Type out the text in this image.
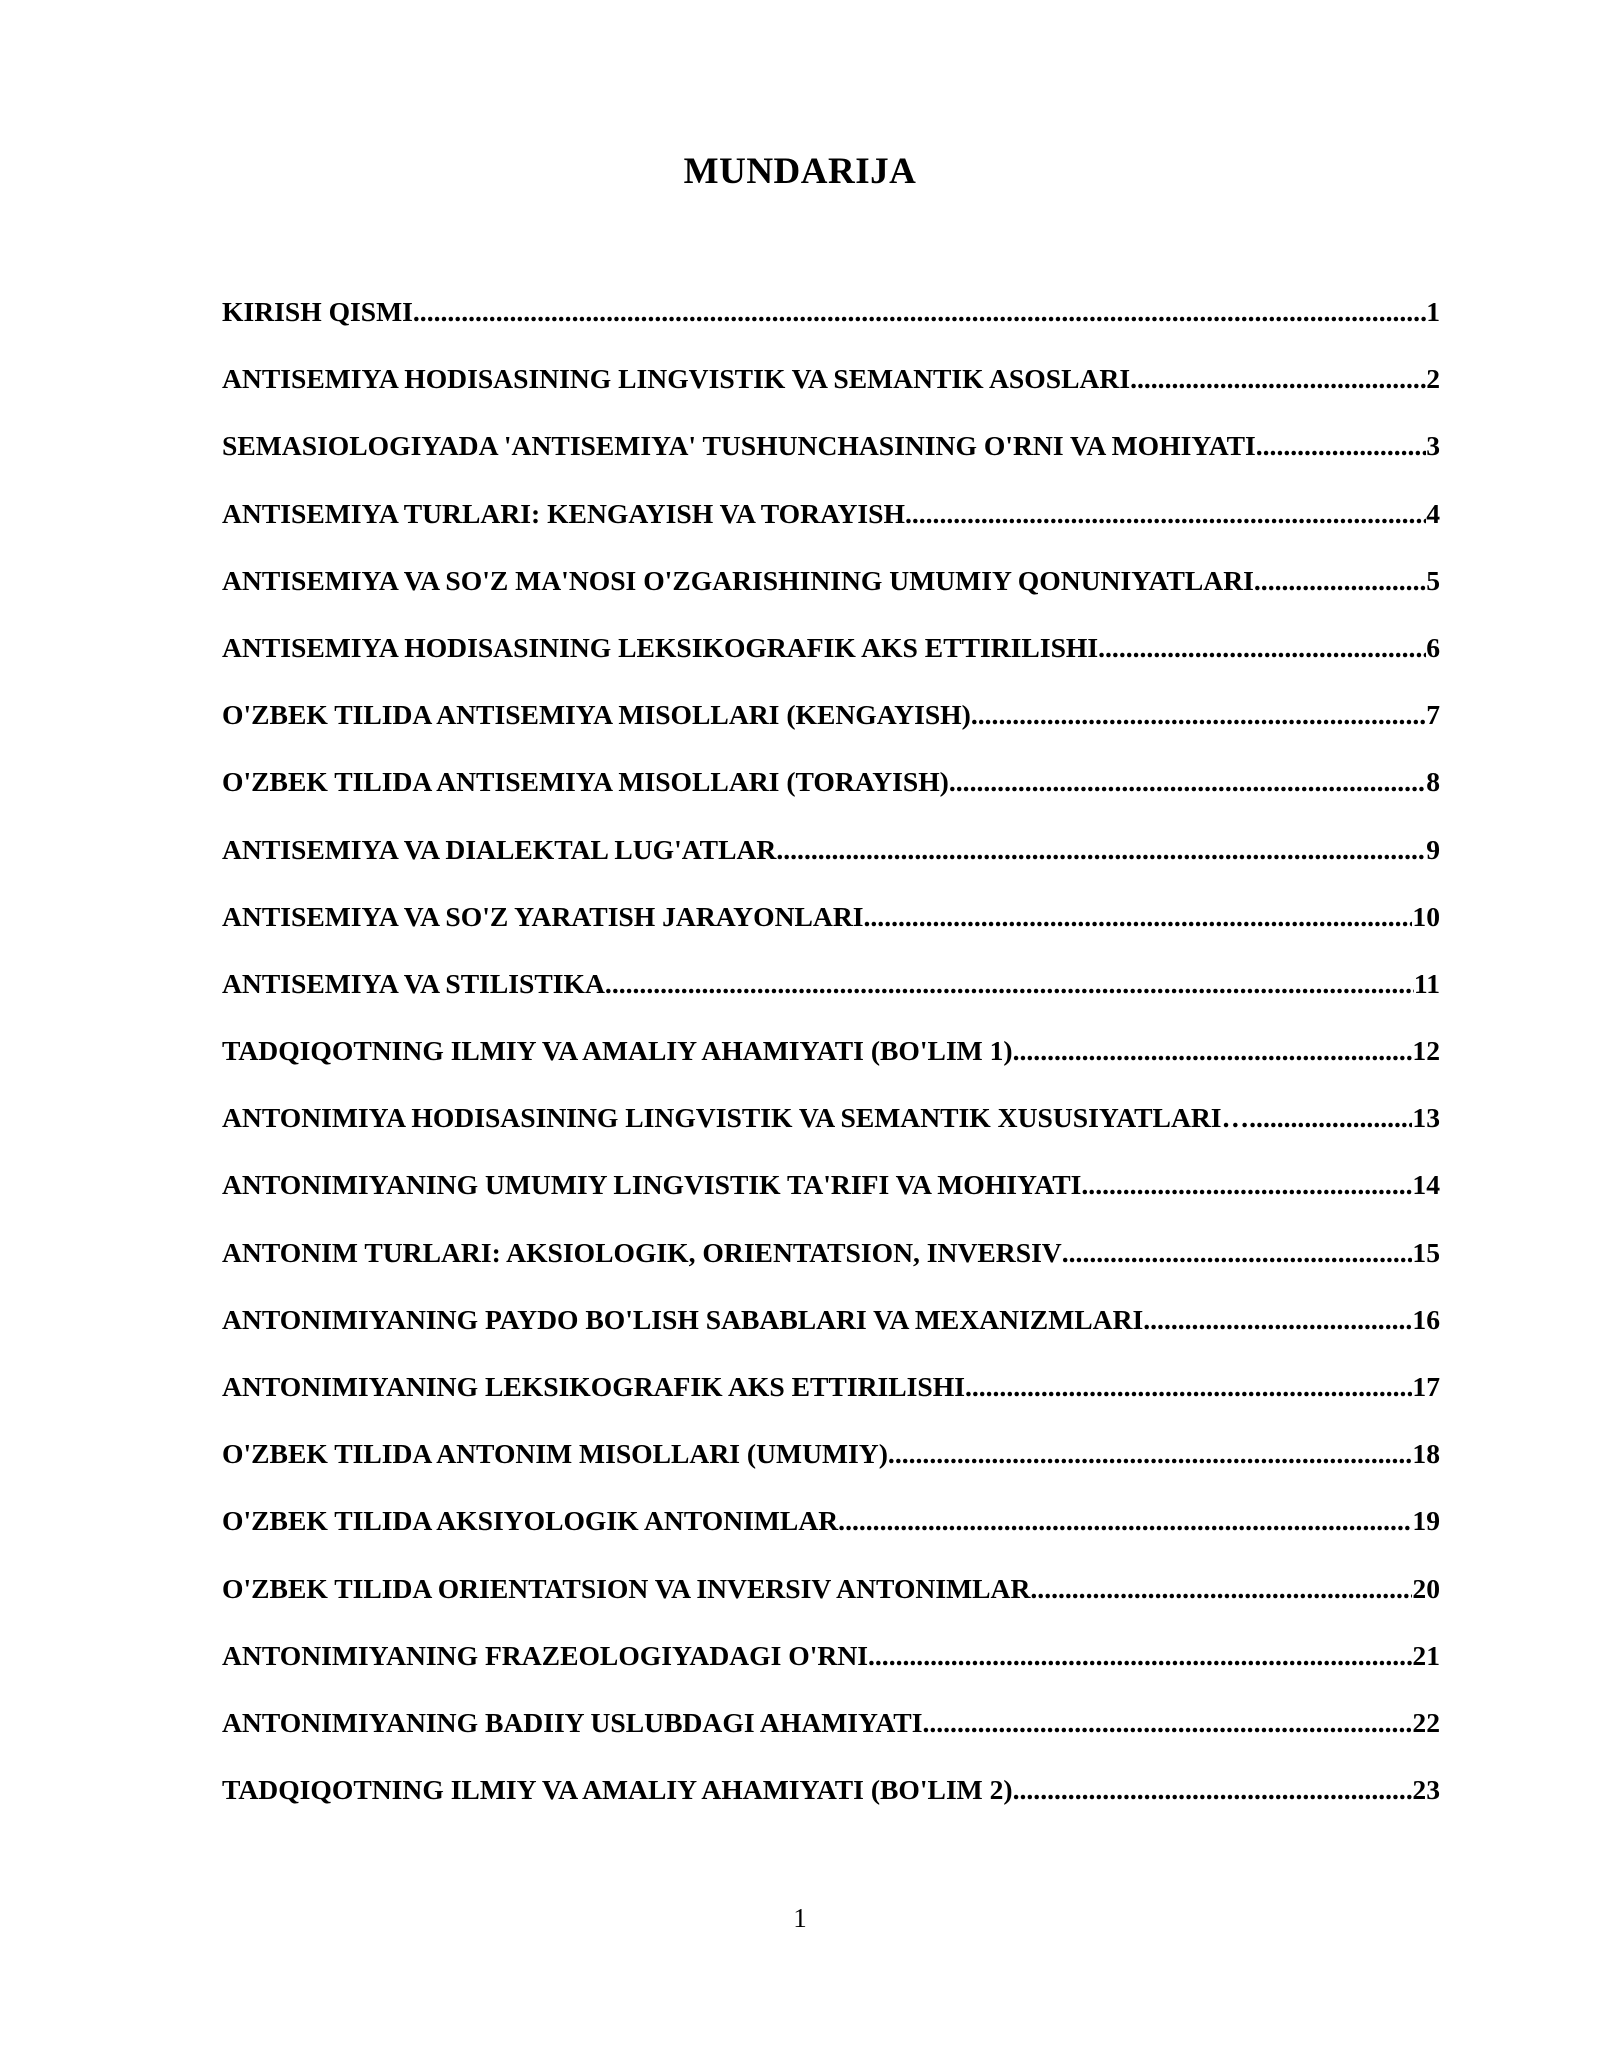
MUNDARIJA
KIRISH QISMI .....	1
ANTISEMIYA HODISASINING LINGVISTIK VA SEMANTIK ASOSLARI .....	2
SEMASIOLOGIYADA 'ANTISEMIYA' TUSHUNCHASINING O'RNI VA MOHIYATI. .....	3
ANTISEMIYA TURLARI: KENGAYISH VA TORAYISH .....	4
ANTISEMIYA VA SO'Z MA'NOSI O'ZGARISHINING UMUMIY QONUNIYATLARI. .....	5
ANTISEMIYA HODISASINING LEKSIKOGRAFIK AKS ETTIRILISHI .....	6
O'ZBEK TILIDA ANTISEMIYA MISOLLARI (KENGAYISH) .....	7
O'ZBEK TILIDA ANTISEMIYA MISOLLARI (TORAYISH) .....	8
ANTISEMIYA VA DIALEKTAL LUG'ATLAR .....	9
ANTISEMIYA VA SO'Z YARATISH JARAYONLARI .....	10
ANTISEMIYA VA STILISTIKA .....	11
TADQIQOTNING ILMIY VA AMALIY AHAMIYATI (BO'LIM 1) .....	12
ANTONIMIYA HODISASINING LINGVISTIK VA SEMANTIK XUSUSIYATLARI… .....	13
ANTONIMIYANING UMUMIY LINGVISTIK TA'RIFI VA MOHIYATI .....	14
ANTONIM TURLARI: AKSIOLOGIK, ORIENTATSION, INVERSIV .....	15
ANTONIMIYANING PAYDO BO'LISH SABABLARI VA MEXANIZMLARI .....	16
ANTONIMIYANING LEKSIKOGRAFIK AKS ETTIRILISHI .....	17
O'ZBEK TILIDA ANTONIM MISOLLARI (UMUMIY) .....	18
O'ZBEK TILIDA AKSIYOLOGIK ANTONIMLAR .....	19
O'ZBEK TILIDA ORIENTATSION VA INVERSIV ANTONIMLAR .....	20
ANTONIMIYANING FRAZEOLOGIYADAGI O'RNI .....	21
ANTONIMIYANING BADIIY USLUBDAGI AHAMIYATI .....	22
TADQIQOTNING ILMIY VA AMALIY AHAMIYATI (BO'LIM 2) .....	23
1
